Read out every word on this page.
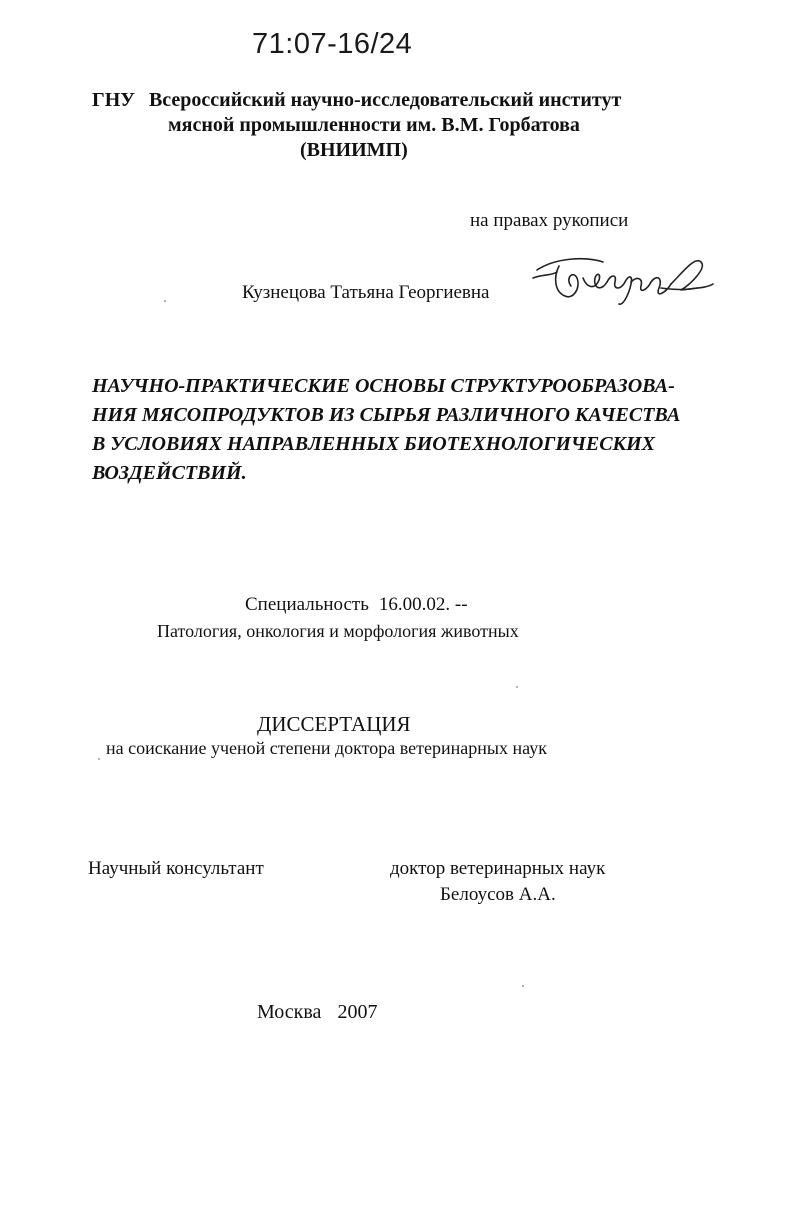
71:07-16/24
ГНУ Всероссийский научно-исследовательский институт
мясной промышленности им. В.М. Горбатова
(ВНИИМП)
на правах рукописи
Кузнецова Татьяна Георгиевна
НАУЧНО-ПРАКТИЧЕСКИЕ ОСНОВЫ СТРУКТУРООБРАЗОВА-
НИЯ МЯСОПРОДУКТОВ ИЗ СЫРЬЯ РАЗЛИЧНОГО КАЧЕСТВА
В УСЛОВИЯХ НАПРАВЛЕННЫХ БИОТЕХНОЛОГИЧЕСКИХ
ВОЗДЕЙСТВИЙ.
Специальность 16.00.02. --
Патология, онкология и морфология животных
ДИССЕРТАЦИЯ
на соискание ученой степени доктора ветеринарных наук
Научный консультант	доктор ветеринарных наук
Белоусов А.А.
Москва 2007
